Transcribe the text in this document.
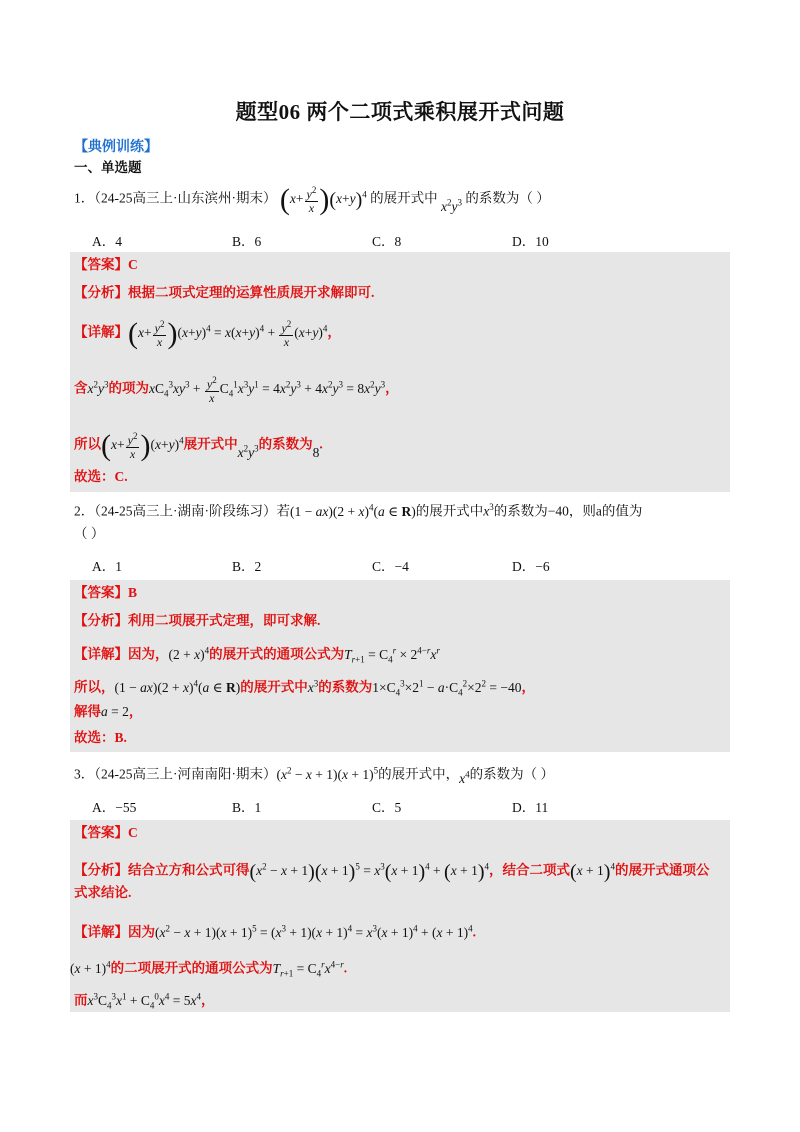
题型06 两个二项式乘积展开式问题
【典例训练】
一、单选题
1．（24-25高三上·山东滨州·期末） $(x+ \frac{y^2}{x} )(x+y)^4$ 的展开式中 $x^2y^3$ 的系数为（ ）
A．4	B．6	C．8	D．10
【答案】C
【分析】根据二项式定理的运算性质展开求解即可.
【详解】$(x+ \frac{y^2}{x} )(x+y)^4 = x(x+y)^4 + \frac{y^2}{x} (x+y)^4$，
含$x^2y^3$的项为$xC_4^3xy^3 + \frac{y^2}{x} C_4^1x^3y^1 = 4x^2y^3 + 4x^2y^3 = 8x^2y^3$，
所以$(x+ \frac{y^2}{x} )(x+y)^4$展开式中$x^2y^3$的系数为8.
故选：C.
2．（24-25高三上·湖南·阶段练习）若$(1 - ax)(2 + x)^4(a$ ∈ R)的展开式中$x^3$的系数为−40，则a的值为
（ ）
A．1	B．2	C．−4	D．−6
【答案】B
【分析】利用二项展开式定理，即可求解.
【详解】因为，$(2 + x)^4$的展开式的通项公式为$T_{r+1} = C_4^r \times 2^{4-r}x^r$
所以，$(1 - ax)(2 + x)^4(a$ ∈ R)的展开式中$x^3$的系数为$1\times C_4^3\times 2^1 - a\cdot C_4^2\times 2^2 = -40$，
解得a = 2，
故选：B.
3．（24-25高三上·河南南阳·期末）$(x^2 - x + 1)(x + 1)^5$的展开式中，$x^4$的系数为（ ）
A．−55	B．1	C．5	D．11
【答案】C
【分析】结合立方和公式可得$(x^2 - x + 1)(x + 1)^5 = x^3(x + 1)^4 + (x + 1)^4$，结合二项式$(x + 1)^4$的展开式通项公
式求结论.
【详解】因为$(x^2 - x + 1)(x + 1)^5 = (x^3 + 1)(x + 1)^4 = x^3(x + 1)^4 + (x + 1)^4$.
$(x + 1)^4$的二项展开式的通项公式为$T_{r+1} = C_4^rx^{4-r}$.
而$x^3C_4^3x^1 + C_4^0x^4 = 5x^4$，
